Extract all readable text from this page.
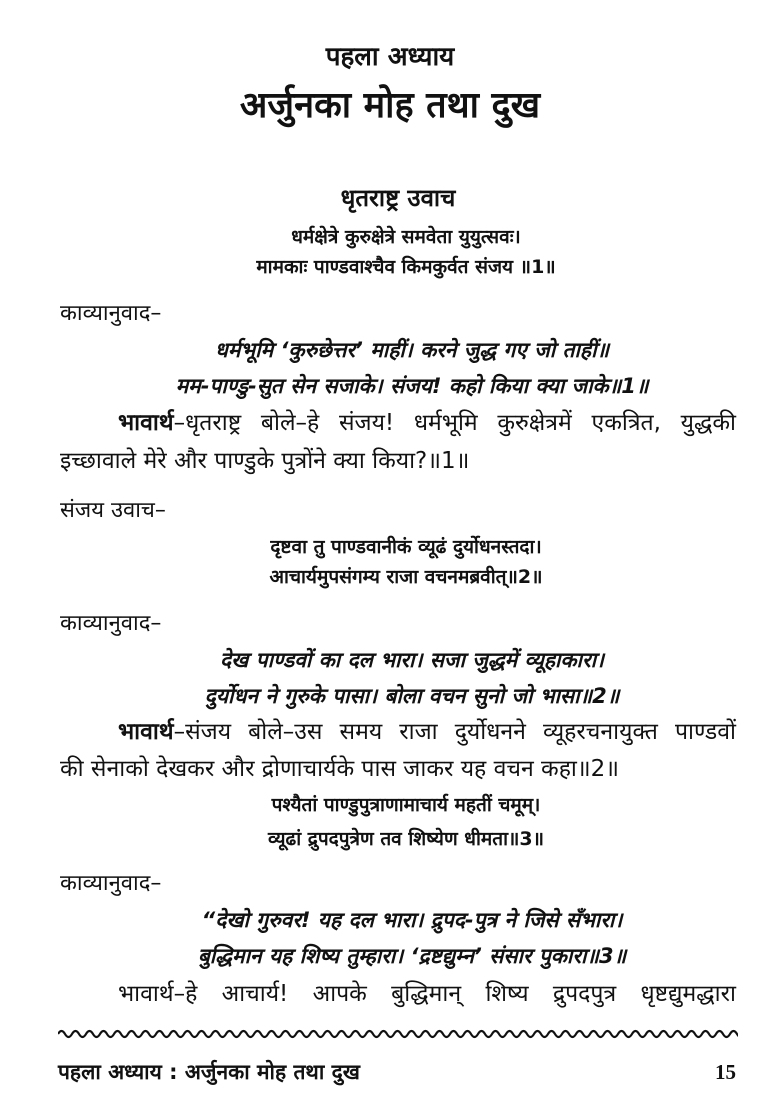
पहला अध्याय
अर्जुनका मोह तथा दुख
धृतराष्ट्र उवाच
धर्मक्षेत्रे कुरुक्षेत्रे समवेता युयुत्सवः।
मामकाः पाण्डवाश्चैव किमकुर्वत संजय ॥1॥
काव्यानुवाद–
धर्मभूमि ‘कुरुछेत्तर’ माहीं। करने जुद्ध गए जो ताहीं॥
मम-पाण्डु-सुत सेन सजाके। संजय! कहो किया क्या जाके॥1॥
भावार्थ–धृतराष्ट्र बोले–हे संजय! धर्मभूमि कुरुक्षेत्रमें एकत्रित, युद्धकी
इच्छावाले मेरे और पाण्डुके पुत्रोंने क्या किया?॥1॥
संजय उवाच–
दृष्टवा तु पाण्डवानीकं व्यूढं दुर्योधनस्तदा।
आचार्यमुपसंगम्य राजा वचनमब्रवीत्॥2॥
काव्यानुवाद–
देख पाण्डवों का दल भारा। सजा जुद्धमें व्यूहाकारा।
दुर्योधन ने गुरुके पासा। बोला वचन सुनो जो भासा॥2॥
भावार्थ–संजय बोले–उस समय राजा दुर्योधनने व्यूहरचनायुक्त पाण्डवों
की सेनाको देखकर और द्रोणाचार्यके पास जाकर यह वचन कहा॥2॥
पश्यैतां पाण्डुपुत्राणामाचार्य महतीं चमूम्।
व्यूढां द्रुपदपुत्रेण तव शिष्येण धीमता॥3॥
काव्यानुवाद–
“देखो गुरुवर! यह दल भारा। द्रुपद-पुत्र ने जिसे सँभारा।
बुद्धिमान यह शिष्य तुम्हारा। ‘द्रष्टद्युम्न’ संसार पुकारा॥3॥
भावार्थ–हे आचार्य! आपके बुद्धिमान् शिष्य द्रुपदपुत्र धृष्टद्युमद्धारा
पहला अध्याय : अर्जुनका मोह तथा दुख	15
